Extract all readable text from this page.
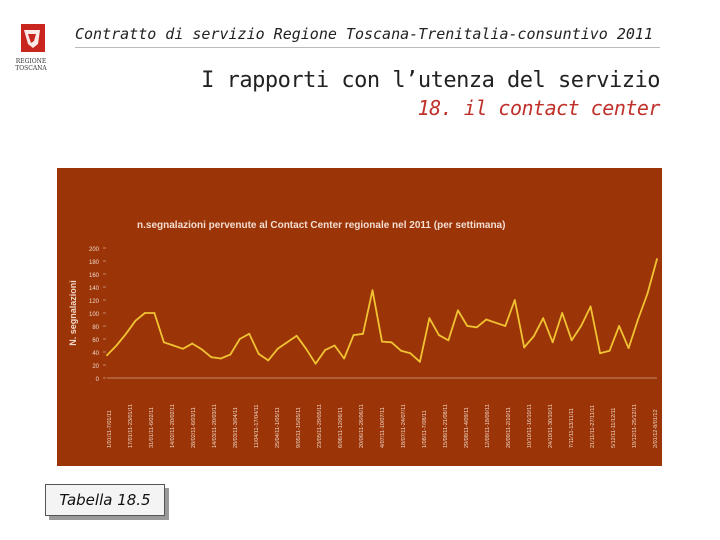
REGIONE
TOSCANA
Contratto di servizio Regione Toscana-Trenitalia-consuntivo 2011
I rapporti con l’utenza del servizio
18. il contact center
n.segnalazioni pervenute al Contact Center regionale nel 2011 (per settimana)
0
20
40
60
80
100
120
140
160
180
200
N. segnalazioni
1/01/11-7/01/11	17/01/11-23/01/11	31/01/11-6/02/11	14/02/11-20/02/11	28/02/11-6/03/11	14/03/11-20/03/11	28/03/11-3/04/11	11/04/11-17/04/11	25/04/11-1/05/11	9/05/11-15/05/11	23/05/11-29/05/11	6/06/11-12/06/11	20/06/11-26/06/11	4/07/11-10/07/11	18/07/11-24/07/11	1/08/11-7/08/11	15/08/11-21/08/11	29/08/11-4/09/11	12/09/11-18/09/11	26/09/11-2/10/11	10/10/11-16/10/11	24/10/11-30/10/11	7/11/11-13/11/11	21/11/11-27/11/11	5/12/11-11/12/11	19/12/11-25/12/11	2/01/12-8/01/12
Tabella 18.5
